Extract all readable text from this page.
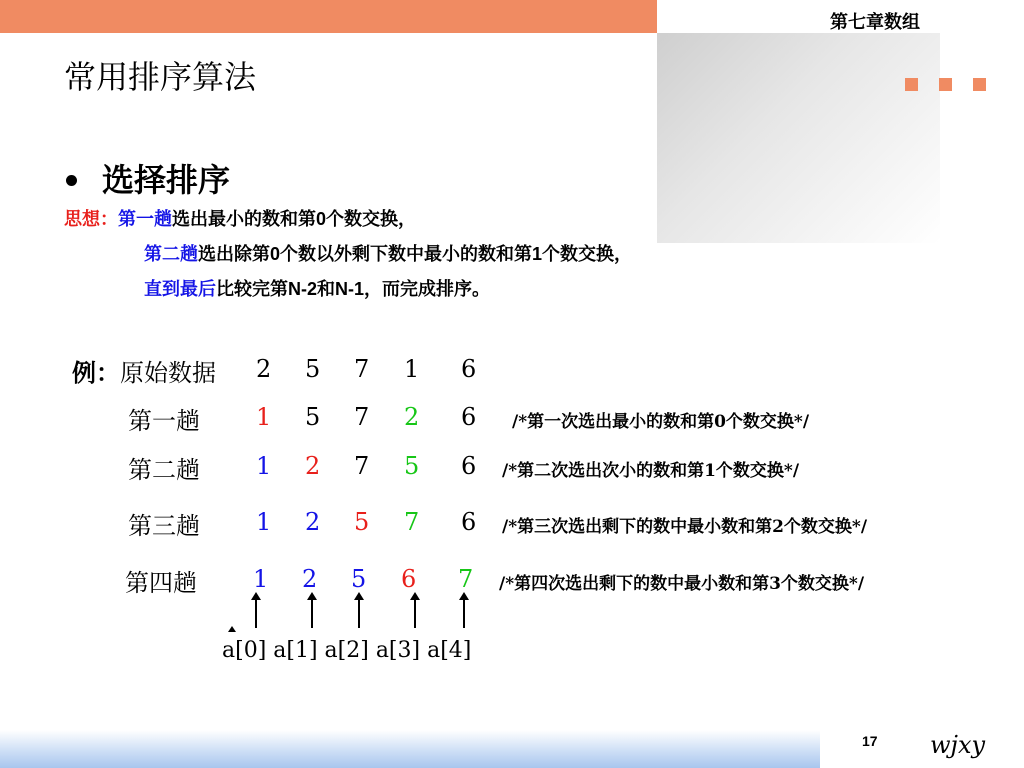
第七章数组
常用排序算法
选择排序
思想：第一趟选出最小的数和第0个数交换，
第二趟选出除第0个数以外剩下数中最小的数和第1个数交换，
直到最后比较完第N-2和N-1，而完成排序。
例：原始数据 2 5 7 1 6
第一趟 1 5 7 2 6 /*第一次选出最小的数和第0个数交换*/
第二趟 1 2 7 5 6 /*第二次选出次小的数和第1个数交换*/
第三趟 1 2 5 7 6 /*第三次选出剩下的数中最小数和第2个数交换*/
第四趟 1 2 5 6 7 /*第四次选出剩下的数中最小数和第3个数交换*/
a[0] a[1] a[2] a[3] a[4]
17 wjxy
